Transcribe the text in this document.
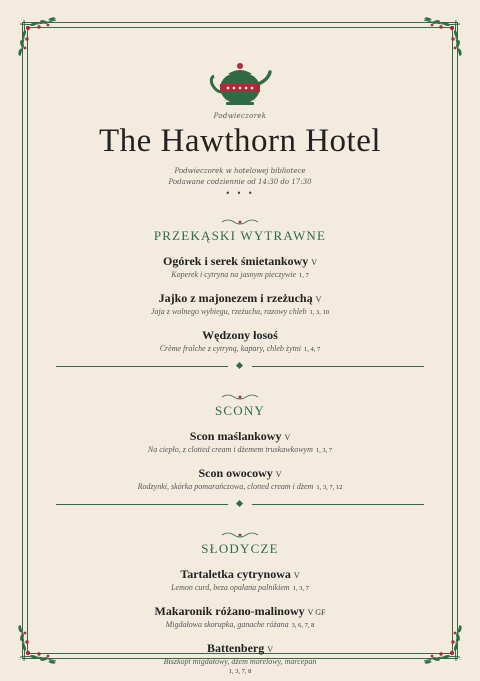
Podwieczorek
The Hawthorn Hotel
Podwieczorek w hotelowej bibliotece
Podawane codziennie od 14:30 do 17:30
• • •
PRZEKĄSKI WYTRAWNE
Ogórek i serek śmietankowy V
Koperek i cytryna na jasnym pieczywie 1, 7
Jajko z majonezem i rzeżuchą V
Jaja z wolnego wybiegu, rzeżucha, razowy chleb 1, 3, 10
Wędzony łosoś
Crème fraîche z cytryną, kapary, chleb żytni 1, 4, 7
SCONY
Scon maślankowy V
Na ciepło, z clotted cream i dżemem truskawkowym 1, 3, 7
Scon owocowy V
Rodzynki, skórka pomarańczowa, clotted cream i dżem 1, 3, 7, 12
SŁODYCZE
Tartaletka cytrynowa V
Lemon curd, beza opalana palnikiem 1, 3, 7
Makaronik różano-malinowy V GF
Migdałowa skorupka, ganache różana 3, 6, 7, 8
Battenberg V
Biszkopt migdałowy, dżem morelowy, marcepan
1, 3, 7, 8
